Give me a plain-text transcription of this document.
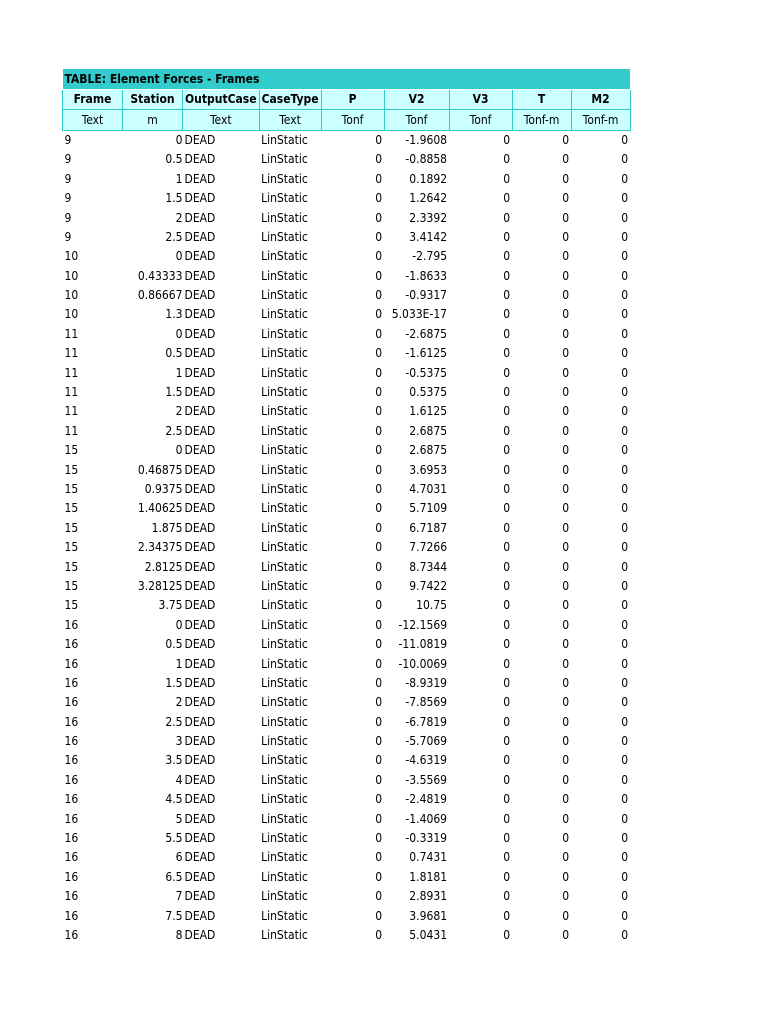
TABLE: Element Forces - Frames								
Frame	Station	OutputCase	CaseType	P	V2	V3	T	M2
Text	m	Text	Text	Tonf	Tonf	Tonf	Tonf-m	Tonf-m
9	0	DEAD	LinStatic	0	-1.9608	0	0	0
9	0.5	DEAD	LinStatic	0	-0.8858	0	0	0
9	1	DEAD	LinStatic	0	0.1892	0	0	0
9	1.5	DEAD	LinStatic	0	1.2642	0	0	0
9	2	DEAD	LinStatic	0	2.3392	0	0	0
9	2.5	DEAD	LinStatic	0	3.4142	0	0	0
10	0	DEAD	LinStatic	0	-2.795	0	0	0
10	0.43333	DEAD	LinStatic	0	-1.8633	0	0	0
10	0.86667	DEAD	LinStatic	0	-0.9317	0	0	0
10	1.3	DEAD	LinStatic	0	5.033E-17	0	0	0
11	0	DEAD	LinStatic	0	-2.6875	0	0	0
11	0.5	DEAD	LinStatic	0	-1.6125	0	0	0
11	1	DEAD	LinStatic	0	-0.5375	0	0	0
11	1.5	DEAD	LinStatic	0	0.5375	0	0	0
11	2	DEAD	LinStatic	0	1.6125	0	0	0
11	2.5	DEAD	LinStatic	0	2.6875	0	0	0
15	0	DEAD	LinStatic	0	2.6875	0	0	0
15	0.46875	DEAD	LinStatic	0	3.6953	0	0	0
15	0.9375	DEAD	LinStatic	0	4.7031	0	0	0
15	1.40625	DEAD	LinStatic	0	5.7109	0	0	0
15	1.875	DEAD	LinStatic	0	6.7187	0	0	0
15	2.34375	DEAD	LinStatic	0	7.7266	0	0	0
15	2.8125	DEAD	LinStatic	0	8.7344	0	0	0
15	3.28125	DEAD	LinStatic	0	9.7422	0	0	0
15	3.75	DEAD	LinStatic	0	10.75	0	0	0
16	0	DEAD	LinStatic	0	-12.1569	0	0	0
16	0.5	DEAD	LinStatic	0	-11.0819	0	0	0
16	1	DEAD	LinStatic	0	-10.0069	0	0	0
16	1.5	DEAD	LinStatic	0	-8.9319	0	0	0
16	2	DEAD	LinStatic	0	-7.8569	0	0	0
16	2.5	DEAD	LinStatic	0	-6.7819	0	0	0
16	3	DEAD	LinStatic	0	-5.7069	0	0	0
16	3.5	DEAD	LinStatic	0	-4.6319	0	0	0
16	4	DEAD	LinStatic	0	-3.5569	0	0	0
16	4.5	DEAD	LinStatic	0	-2.4819	0	0	0
16	5	DEAD	LinStatic	0	-1.4069	0	0	0
16	5.5	DEAD	LinStatic	0	-0.3319	0	0	0
16	6	DEAD	LinStatic	0	0.7431	0	0	0
16	6.5	DEAD	LinStatic	0	1.8181	0	0	0
16	7	DEAD	LinStatic	0	2.8931	0	0	0
16	7.5	DEAD	LinStatic	0	3.9681	0	0	0
16	8	DEAD	LinStatic	0	5.0431	0	0	0
